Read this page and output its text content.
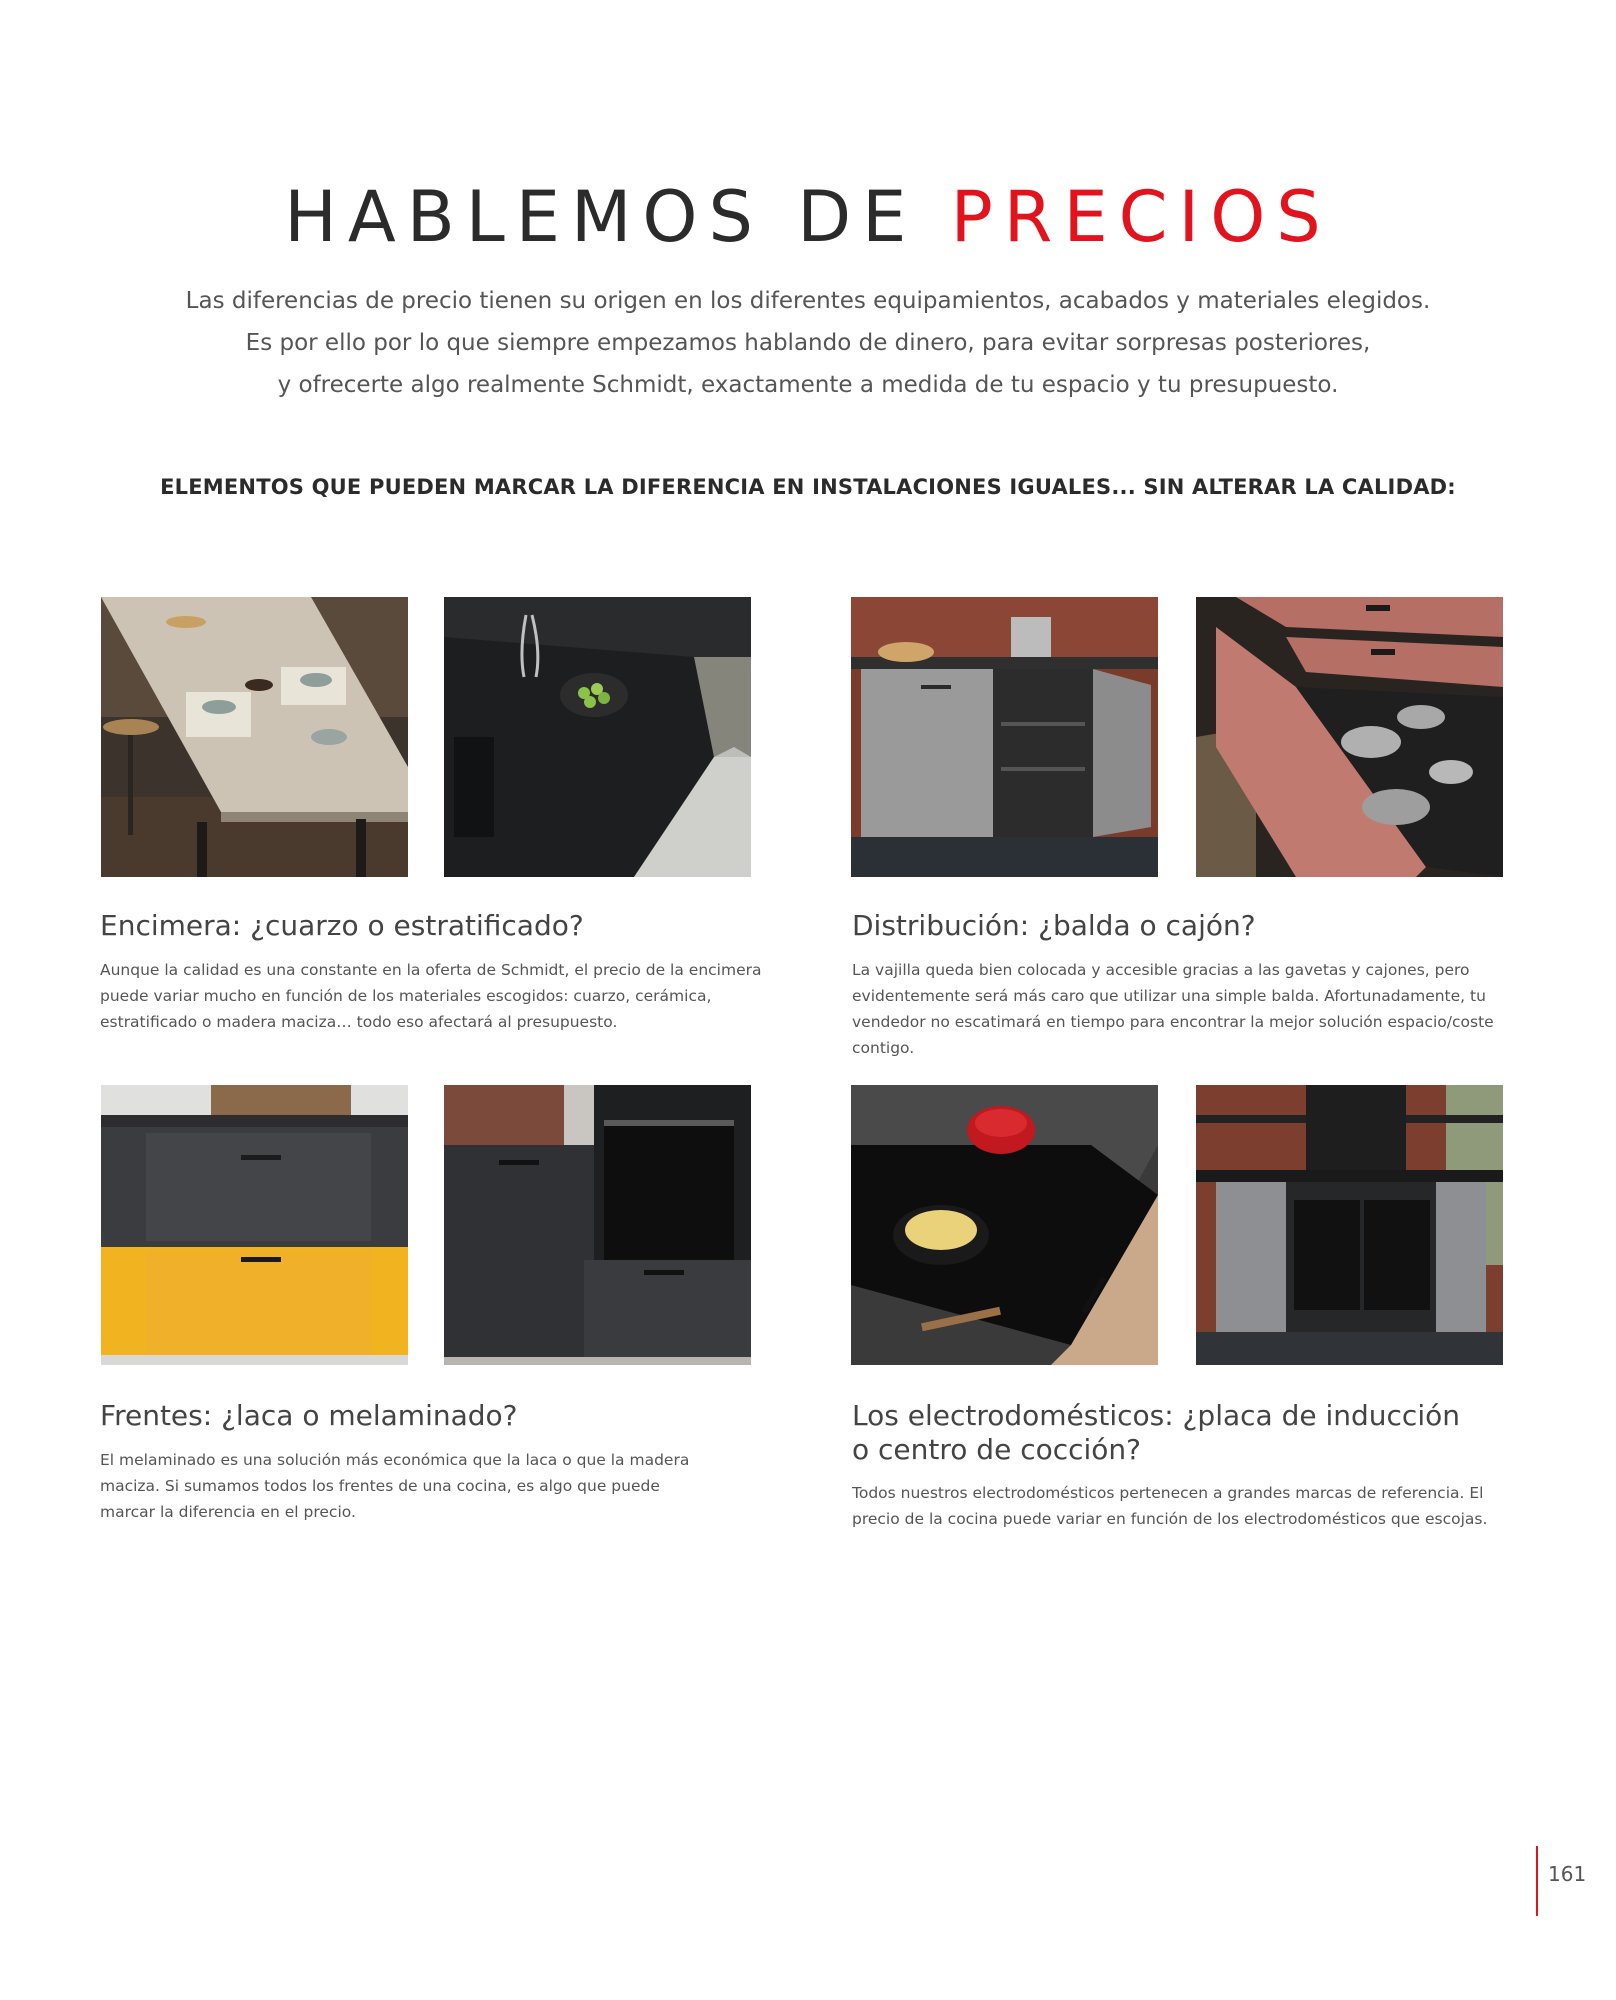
HABLEMOS DE PRECIOS
Las diferencias de precio tienen su origen en los diferentes equipamientos, acabados y materiales elegidos.
Es por ello por lo que siempre empezamos hablando de dinero, para evitar sorpresas posteriores,
y ofrecerte algo realmente Schmidt, exactamente a medida de tu espacio y tu presupuesto.
ELEMENTOS QUE PUEDEN MARCAR LA DIFERENCIA EN INSTALACIONES IGUALES... SIN ALTERAR LA CALIDAD:
Encimera: ¿cuarzo o estratificado?
Aunque la calidad es una constante en la oferta de Schmidt, el precio de la encimera
puede variar mucho en función de los materiales escogidos: cuarzo, cerámica,
estratificado o madera maciza… todo eso afectará al presupuesto.
Distribución: ¿balda o cajón?
La vajilla queda bien colocada y accesible gracias a las gavetas y cajones, pero
evidentemente será más caro que utilizar una simple balda. Afortunadamente, tu
vendedor no escatimará en tiempo para encontrar la mejor solución espacio/coste
contigo.
Frentes: ¿laca o melaminado?
El melaminado es una solución más económica que la laca o que la madera
maciza. Si sumamos todos los frentes de una cocina, es algo que puede
marcar la diferencia en el precio.
Los electrodomésticos: ¿placa de inducción
o centro de cocción?
Todos nuestros electrodomésticos pertenecen a grandes marcas de referencia. El
precio de la cocina puede variar en función de los electrodomésticos que escojas.
161
